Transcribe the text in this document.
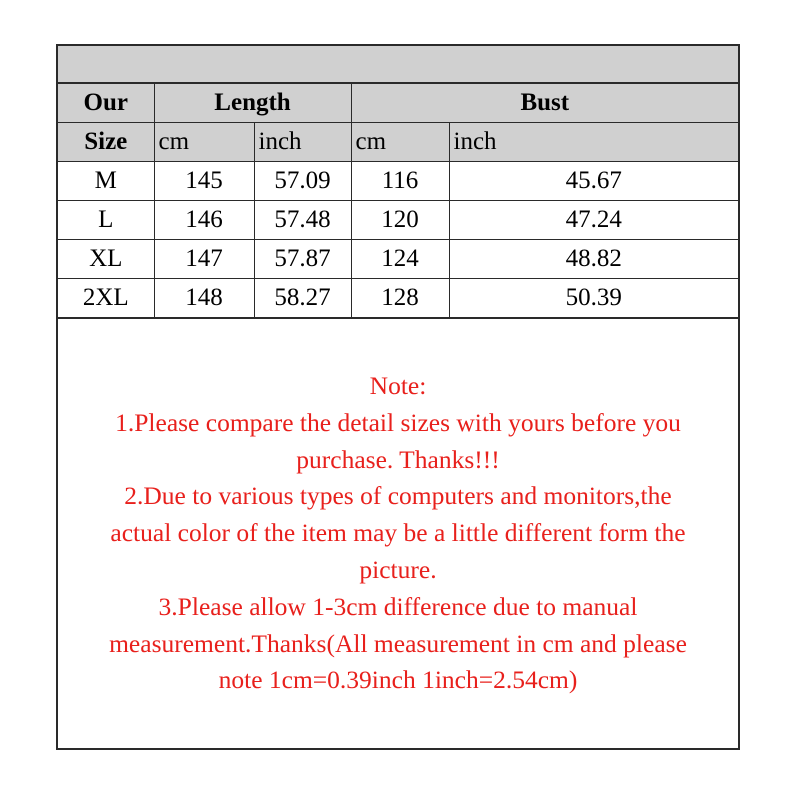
Our	Length		Bust	
Size	cm	inch	cm	inch
M	145	57.09	116	45.67
L	146	57.48	120	47.24
XL	147	57.87	124	48.82
2XL	148	58.27	128	50.39
Note:
1.Please compare the detail sizes with yours before you
purchase. Thanks!!!
2.Due to various types of computers and monitors,the
actual color of the item may be a little different form the
picture.
3.Please allow 1-3cm difference due to manual
measurement.Thanks(All measurement in cm and please
note 1cm=0.39inch 1inch=2.54cm)
